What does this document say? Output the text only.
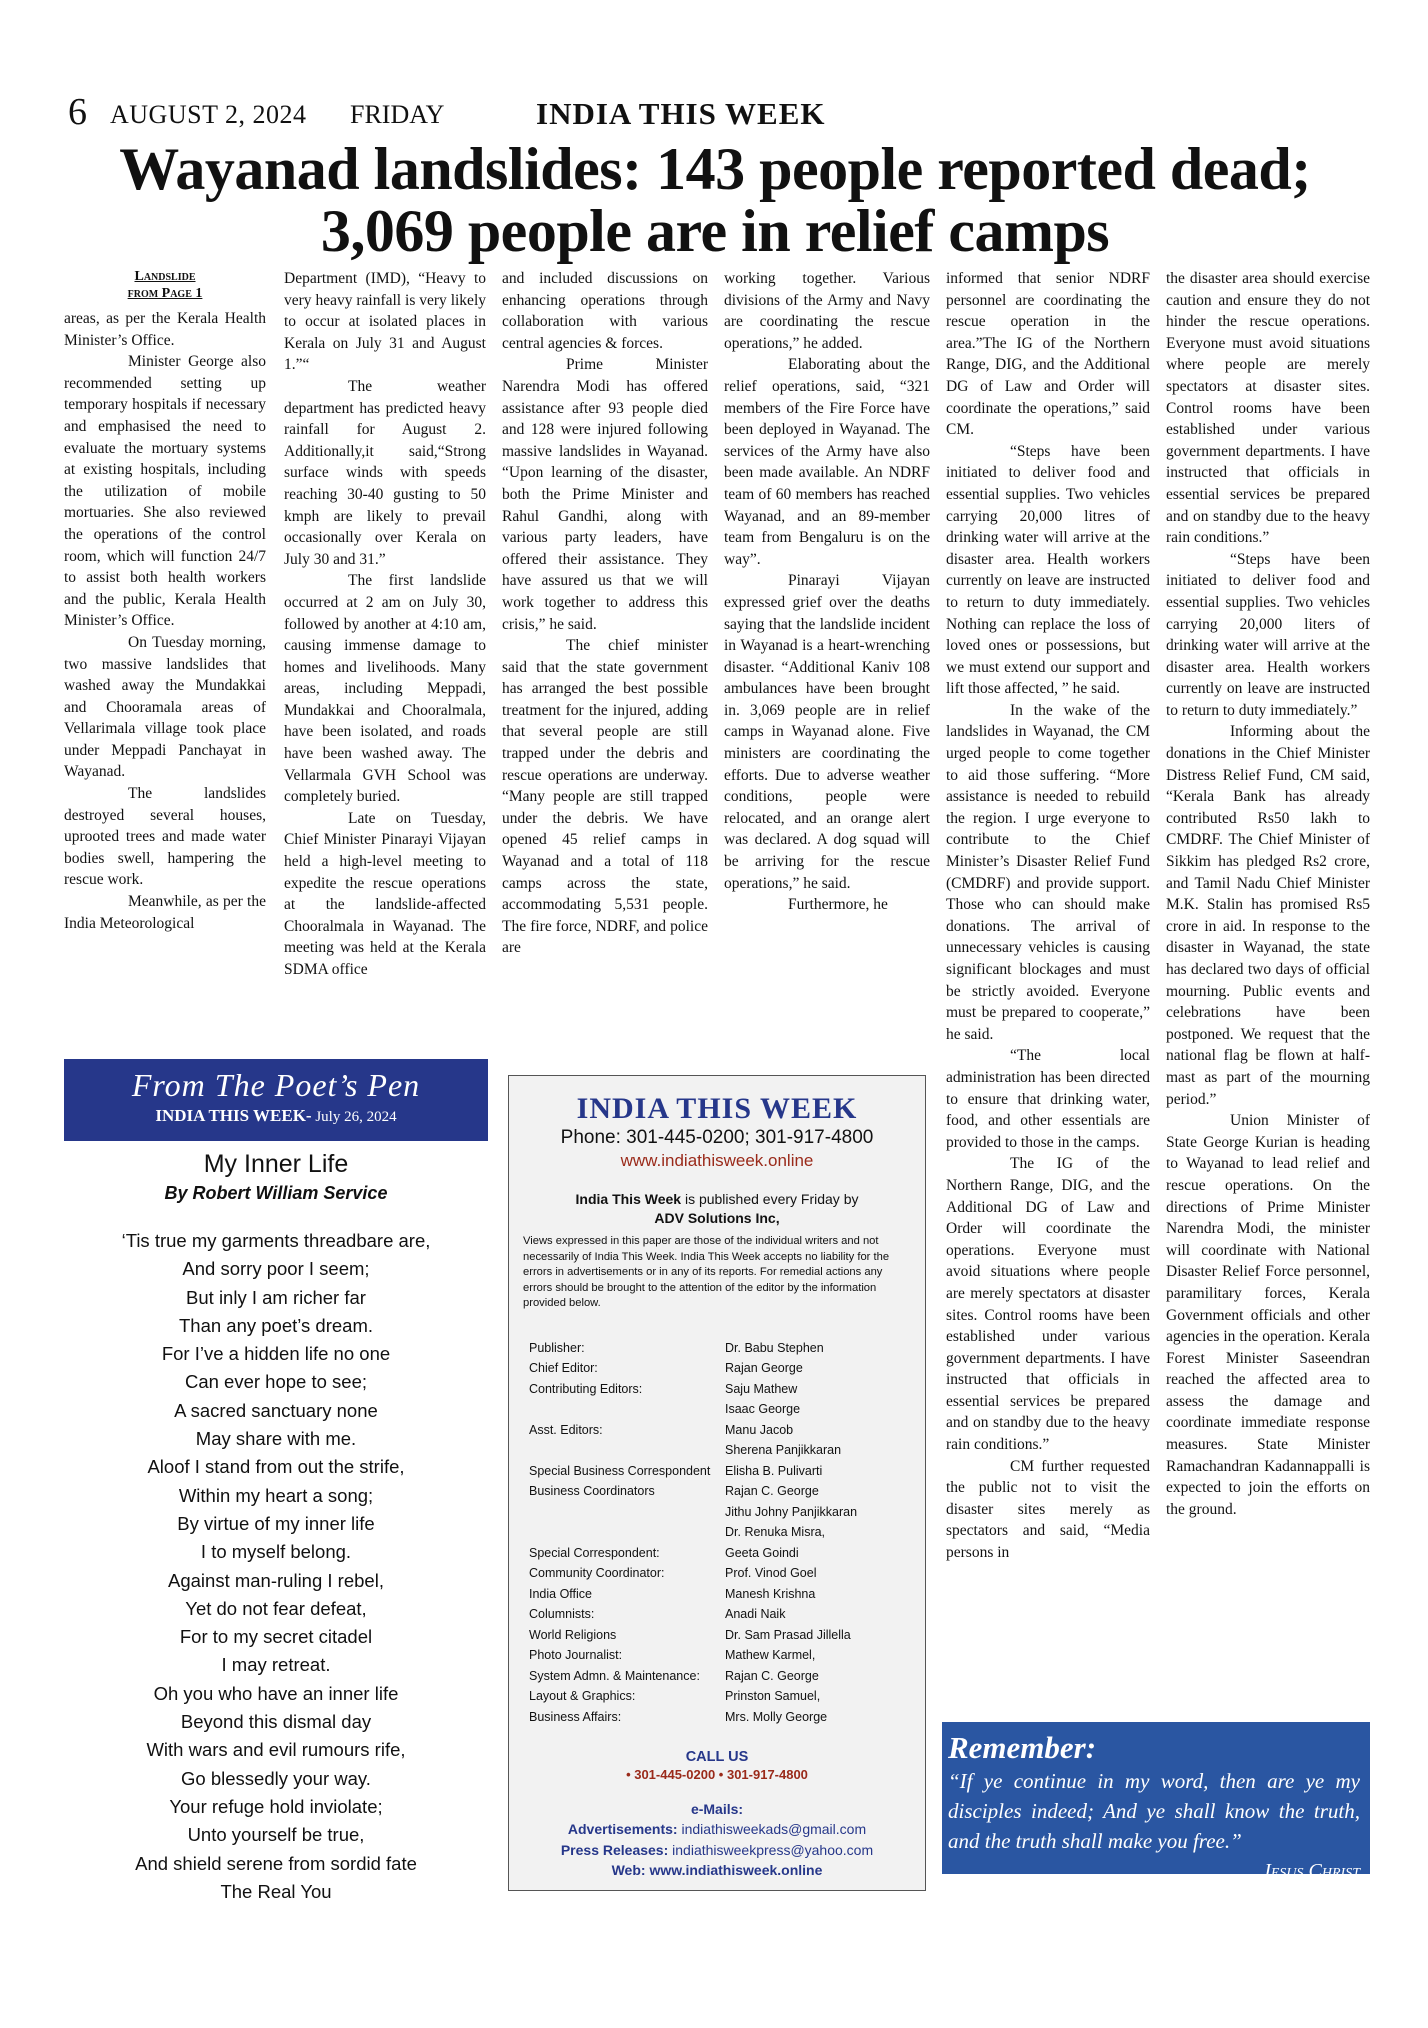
6 AUGUST 2, 2024 FRIDAY	INDIA THIS WEEK
Wayanad landslides: 143 people reported dead; 3,069 people are in relief camps
Landslide
from Page 1

areas, as per the Kerala Health Minister’s Office.

Minister George also recommended setting up temporary hospitals if necessary and emphasised the need to evaluate the mortuary systems at existing hospitals, including the utilization of mobile mortuaries. She also reviewed the operations of the control room, which will function 24/7 to assist both health workers and the public, Kerala Health Minister’s Office.

On Tuesday morning, two massive landslides that washed away the Mundakkai and Chooramala areas of Vellarimala village took place under Meppadi Panchayat in Wayanad.

The landslides destroyed several houses, uprooted trees and made water bodies swell, hampering the rescue work.

Meanwhile, as per the India Meteorological

Department (IMD), “Heavy to very heavy rainfall is very likely to occur at isolated places in Kerala on July 31 and August 1.”“

The weather department has predicted heavy rainfall for August 2. Additionally,it said,“Strong surface winds with speeds reaching 30-40 gusting to 50 kmph are likely to prevail occasionally over Kerala on July 30 and 31.”

The first landslide occurred at 2 am on July 30, followed by another at 4:10 am, causing immense damage to homes and livelihoods. Many areas, including Meppadi, Mundakkai and Chooralmala, have been isolated, and roads have been washed away. The Vellarmala GVH School was completely buried.

Late on Tuesday, Chief Minister Pinarayi Vijayan held a high-level meeting to expedite the rescue operations at the landslide-affected Chooralmala in Wayanad. The meeting was held at the Kerala SDMA office

and included discussions on enhancing operations through collaboration with various central agencies & forces.

Prime Minister Narendra Modi has offered assistance after 93 people died and 128 were injured following massive landslides in Wayanad. “Upon learning of the disaster, both the Prime Minister and Rahul Gandhi, along with various party leaders, have offered their assistance. They have assured us that we will work together to address this crisis,” he said.

The chief minister said that the state government has arranged the best possible treatment for the injured, adding that several people are still trapped under the debris and rescue operations are underway. “Many people are still trapped under the debris. We have opened 45 relief camps in Wayanad and a total of 118 camps across the state, accommodating 5,531 people. The fire force, NDRF, and police are

working together. Various divisions of the Army and Navy are coordinating the rescue operations,” he added.

Elaborating about the relief operations, said, “321 members of the Fire Force have been deployed in Wayanad. The services of the Army have also been made available. An NDRF team of 60 members has reached Wayanad, and an 89-member team from Bengaluru is on the way”.

Pinarayi Vijayan expressed grief over the deaths saying that the landslide incident in Wayanad is a heart-wrenching disaster. “Additional Kaniv 108 ambulances have been brought in. 3,069 people are in relief camps in Wayanad alone. Five ministers are coordinating the efforts. Due to adverse weather conditions, people were relocated, and an orange alert was declared. A dog squad will be arriving for the rescue operations,” he said.

Furthermore, he

informed that senior NDRF personnel are coordinating the rescue operation in the area.”The IG of the Northern Range, DIG, and the Additional DG of Law and Order will coordinate the operations,” said CM.

“Steps have been initiated to deliver food and essential supplies. Two vehicles carrying 20,000 litres of drinking water will arrive at the disaster area. Health workers currently on leave are instructed to return to duty immediately. Nothing can replace the loss of loved ones or possessions, but we must extend our support and lift those affected, ” he said.

In the wake of the landslides in Wayanad, the CM urged people to come together to aid those suffering. “More assistance is needed to rebuild the region. I urge everyone to contribute to the Chief Minister’s Disaster Relief Fund (CMDRF) and provide support. Those who can should make donations. The arrival of unnecessary vehicles is causing significant blockages and must be strictly avoided. Everyone must be prepared to cooperate,” he said.

“The local administration has been directed to ensure that drinking water, food, and other essentials are provided to those in the camps.

The IG of the Northern Range, DIG, and the Additional DG of Law and Order will coordinate the operations. Everyone must avoid situations where people are merely spectators at disaster sites. Control rooms have been established under various government departments. I have instructed that officials in essential services be prepared and on standby due to the heavy rain conditions.”

CM further requested the public not to visit the disaster sites merely as spectators and said, “Media persons in

the disaster area should exercise caution and ensure they do not hinder the rescue operations. Everyone must avoid situations where people are merely spectators at disaster sites. Control rooms have been established under various government departments. I have instructed that officials in essential services be prepared and on standby due to the heavy rain conditions.”

“Steps have been initiated to deliver food and essential supplies. Two vehicles carrying 20,000 liters of drinking water will arrive at the disaster area. Health workers currently on leave are instructed to return to duty immediately.”

Informing about the donations in the Chief Minister Distress Relief Fund, CM said, “Kerala Bank has already contributed Rs50 lakh to CMDRF. The Chief Minister of Sikkim has pledged Rs2 crore, and Tamil Nadu Chief Minister M.K. Stalin has promised Rs5 crore in aid. In response to the disaster in Wayanad, the state has declared two days of official mourning. Public events and celebrations have been postponed. We request that the national flag be flown at half-mast as part of the mourning period.”

Union Minister of State George Kurian is heading to Wayanad to lead relief and rescue operations. On the directions of Prime Minister Narendra Modi, the minister will coordinate with National Disaster Relief Force personnel, paramilitary forces, Kerala Government officials and other agencies in the operation. Kerala Forest Minister Saseendran reached the affected area to assess the damage and coordinate immediate response measures. State Minister Ramachandran Kadannappalli is expected to join the efforts on the ground.

From The Poet’s Pen
INDIA THIS WEEK- July 26, 2024
My Inner Life
By Robert William Service
‘Tis true my garments threadbare are,
And sorry poor I seem;
But inly I am richer far
Than any poet’s dream.
For I’ve a hidden life no one
Can ever hope to see;
A sacred sanctuary none
May share with me.
Aloof I stand from out the strife,
Within my heart a song;
By virtue of my inner life
I to myself belong.
Against man-ruling I rebel,
Yet do not fear defeat,
For to my secret citadel
I may retreat.
Oh you who have an inner life
Beyond this dismal day
With wars and evil rumours rife,
Go blessedly your way.
Your refuge hold inviolate;
Unto yourself be true,
And shield serene from sordid fate
The Real You
INDIA THIS WEEK
Phone: 301-445-0200; 301-917-4800
www.indiathisweek.online
India This Week is published every Friday by
ADV Solutions Inc,
Views expressed in this paper are those of the individual writers and not necessarily of India This Week. India This Week accepts no liability for the errors in advertisements or in any of its reports. For remedial actions any errors should be brought to the attention of the editor by the information provided below.
Publisher:	Dr. Babu Stephen
Chief Editor:	Rajan George
Contributing Editors:	Saju Mathew
Isaac George
Asst. Editors:	Manu Jacob
Sherena Panjikkaran
Special Business Correspondent	Elisha B. Pulivarti
Business Coordinators	Rajan C. George
Jithu Johny Panjikkaran
Dr. Renuka Misra,
Special Correspondent:	Geeta Goindi
Community Coordinator:	Prof. Vinod Goel
India Office	Manesh Krishna
Columnists:	Anadi Naik
World Religions	Dr. Sam Prasad Jillella
Photo Journalist:	Mathew Karmel,
System Admn. & Maintenance:	Rajan C. George
Layout & Graphics:	Prinston Samuel,
Business Affairs:	Mrs. Molly George
CALL US
• 301-445-0200 • 301-917-4800
e-Mails:
Advertisements: indiathisweekads@gmail.com
Press Releases: indiathisweekpress@yahoo.com
Web: www.indiathisweek.online
Remember:
“If ye continue in my word, then are ye my disciples indeed; And ye shall know the truth, and the truth shall make you free.”
Jesus Christ
